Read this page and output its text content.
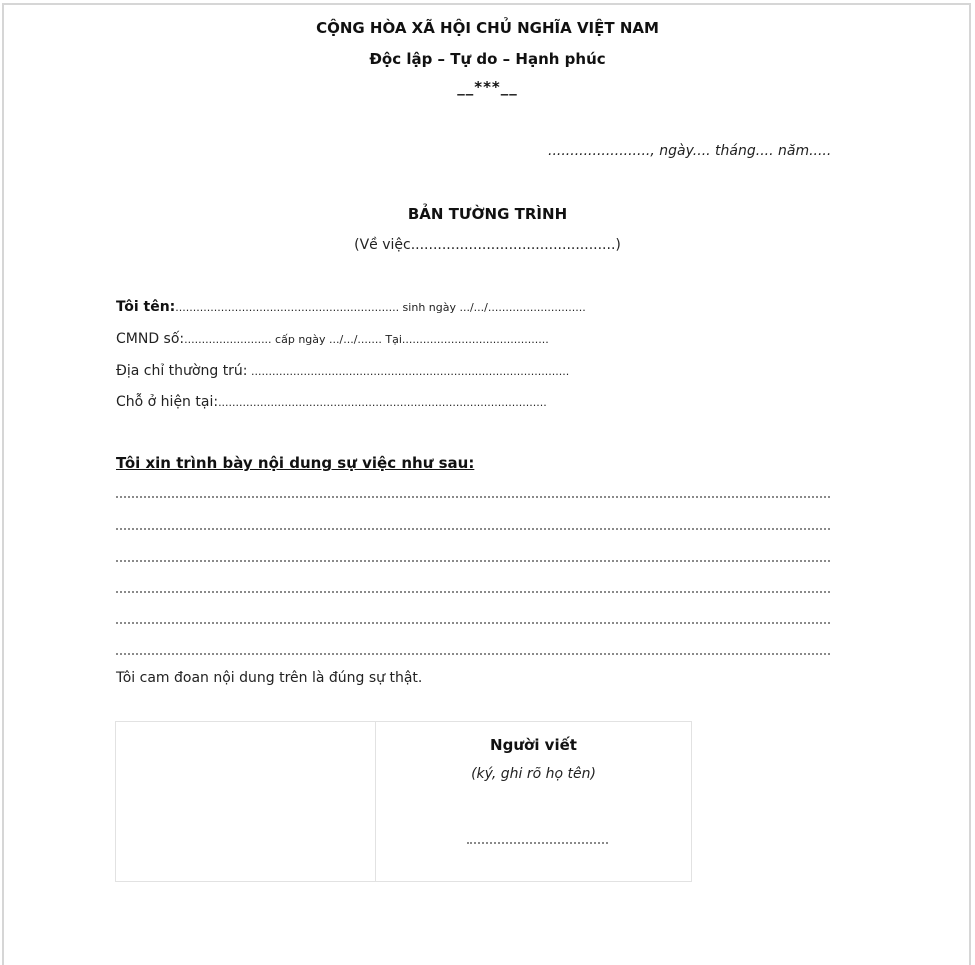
CỘNG HÒA XÃ HỘI CHỦ NGHĨA VIỆT NAM
Độc lập – Tự do – Hạnh phúc
__***__
......................., ngày.... tháng.... năm.....
BẢN TƯỜNG TRÌNH
(Về việc..............................................)
Tôi tên:................................................................ sinh ngày .../.../............................
CMND số:......................... cấp ngày .../.../....... Tại..........................................
Địa chỉ thường trú: ...........................................................................................
Chỗ ở hiện tại:..............................................................................................
Tôi xin trình bày nội dung sự việc như sau:
Tôi cam đoan nội dung trên là đúng sự thật.
Người viết
(ký, ghi rõ họ tên)
